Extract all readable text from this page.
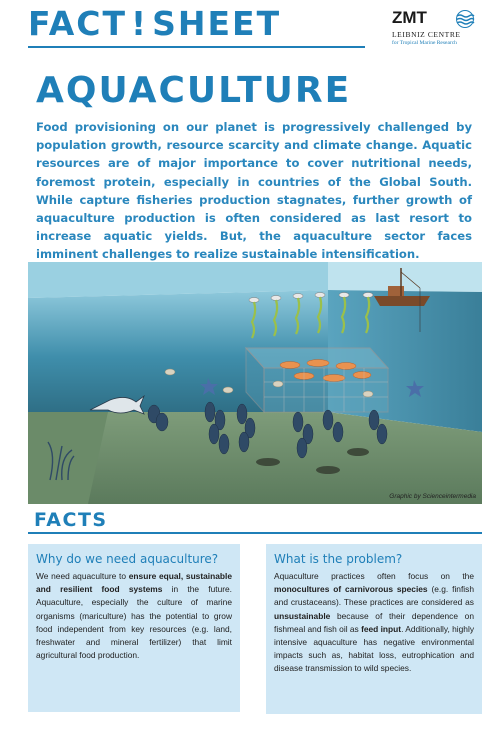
FACT ! SHEET	ZMT
LEIBNIZ CENTRE
for Tropical Marine Research
AQUACULTURE

Food provisioning on our planet is progressively challenged by population growth, resource scarcity and climate change. Aquatic resources are of major importance to cover nutritional needs, foremost protein, especially in countries of the Global South. While capture fisheries production stagnates, further growth of aquaculture production is often considered as last resort to increase aquatic yields. But, the aquaculture sector faces imminent challenges to realize sustainable intensification.

Graphic by Scienceintermedia
FACTS
Why do we need aquaculture?

We need aquaculture to ensure equal, sustainable and resilient food systems in the future. Aquaculture, especially the culture of marine organisms (mariculture) has the potential to grow food independent from key resources (e.g. land, freshwater and mineral fertilizer) that limit agricultural food production.

What is the problem?

Aquaculture practices often focus on the monocultures of carnivorous species (e.g. finfish and crustaceans). These practices are considered as unsustainable because of their dependence on fishmeal and fish oil as feed input. Additionally, highly intensive aquaculture has negative environmental impacts such as, habitat loss, eutrophication and disease transmission to wild species.
